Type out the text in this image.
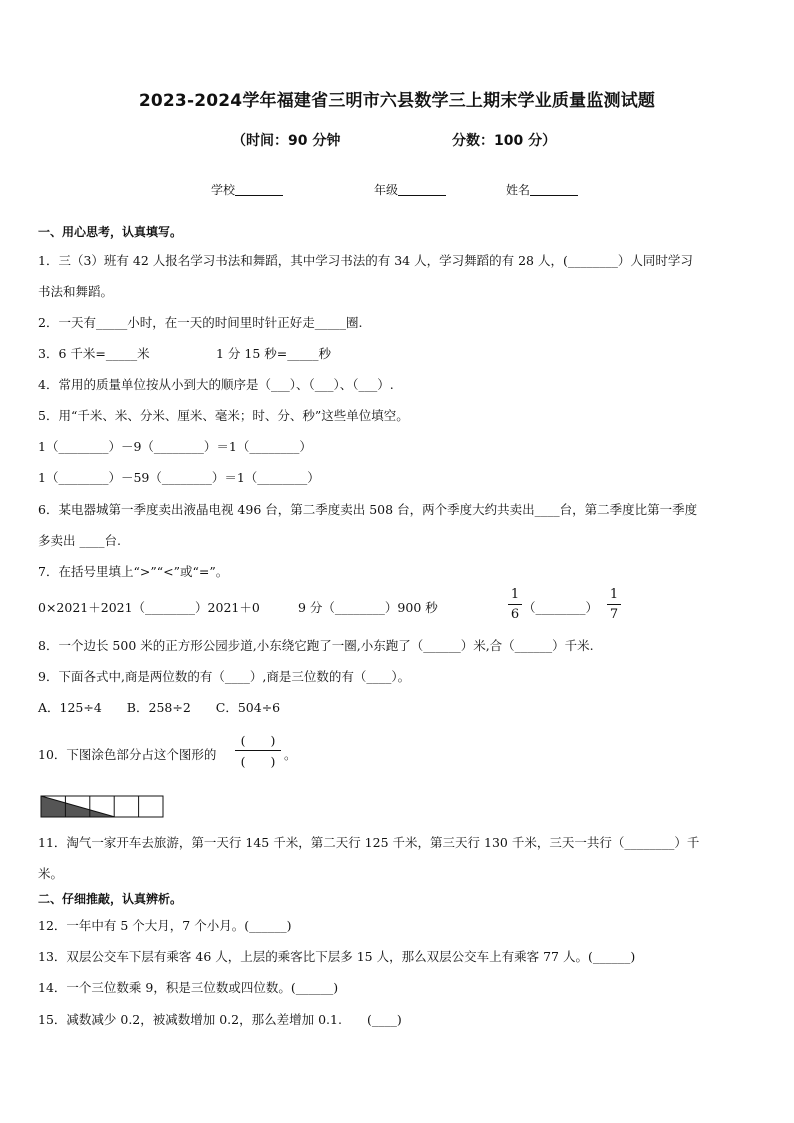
2023-2024学年福建省三明市六县数学三上期末学业质量监测试题
（时间：90 分钟	分数：100 分）
学校	年级	姓名
一、用心思考，认真填写。
1．三（3）班有 42 人报名学习书法和舞蹈，其中学习书法的有 34 人，学习舞蹈的有 28 人，(________）人同时学习
书法和舞蹈。
2．一天有_____小时，在一天的时间里时针正好走_____圈.
3．6 千米=_____米	1 分 15 秒=_____秒
4．常用的质量单位按从小到大的顺序是（___）、（___）、（___）.
5．用“千米、米、分米、厘米、毫米；时、分、秒”这些单位填空。
1（________）－9（________）＝1（________）
1（________）－59（________）＝1（________）
6．某电器城第一季度卖出液晶电视 496 台，第二季度卖出 508 台，两个季度大约共卖出____台，第二季度比第一季度
多卖出 ____台.
7．在括号里填上“>”“<”或“=”。
0×2021＋2021（________）2021＋0	9 分（________）900 秒
1
6 （________）
1
7
8．一个边长 500 米的正方形公园步道,小东绕它跑了一圈,小东跑了（______）米,合（______）千米.
9．下面各式中,商是两位数的有（____）,商是三位数的有（____）。
A．125÷4　　B．258÷2　　C．504÷6
10．下图涂色部分占这个图形的
(　　)
(　　) 。
11．淘气一家开车去旅游，第一天行 145 千米，第二天行 125 千米，第三天行 130 千米，三天一共行（________）千
米。
二、仔细推敲，认真辨析。
12．一年中有 5 个大月，7 个小月。(______)
13．双层公交车下层有乘客 46 人，上层的乘客比下层多 15 人，那么双层公交车上有乘客 77 人。(______)
14．一个三位数乘 9，积是三位数或四位数。(______)
15．减数减少 0.2，被减数增加 0.2，那么差增加 0.1.　　(____)
